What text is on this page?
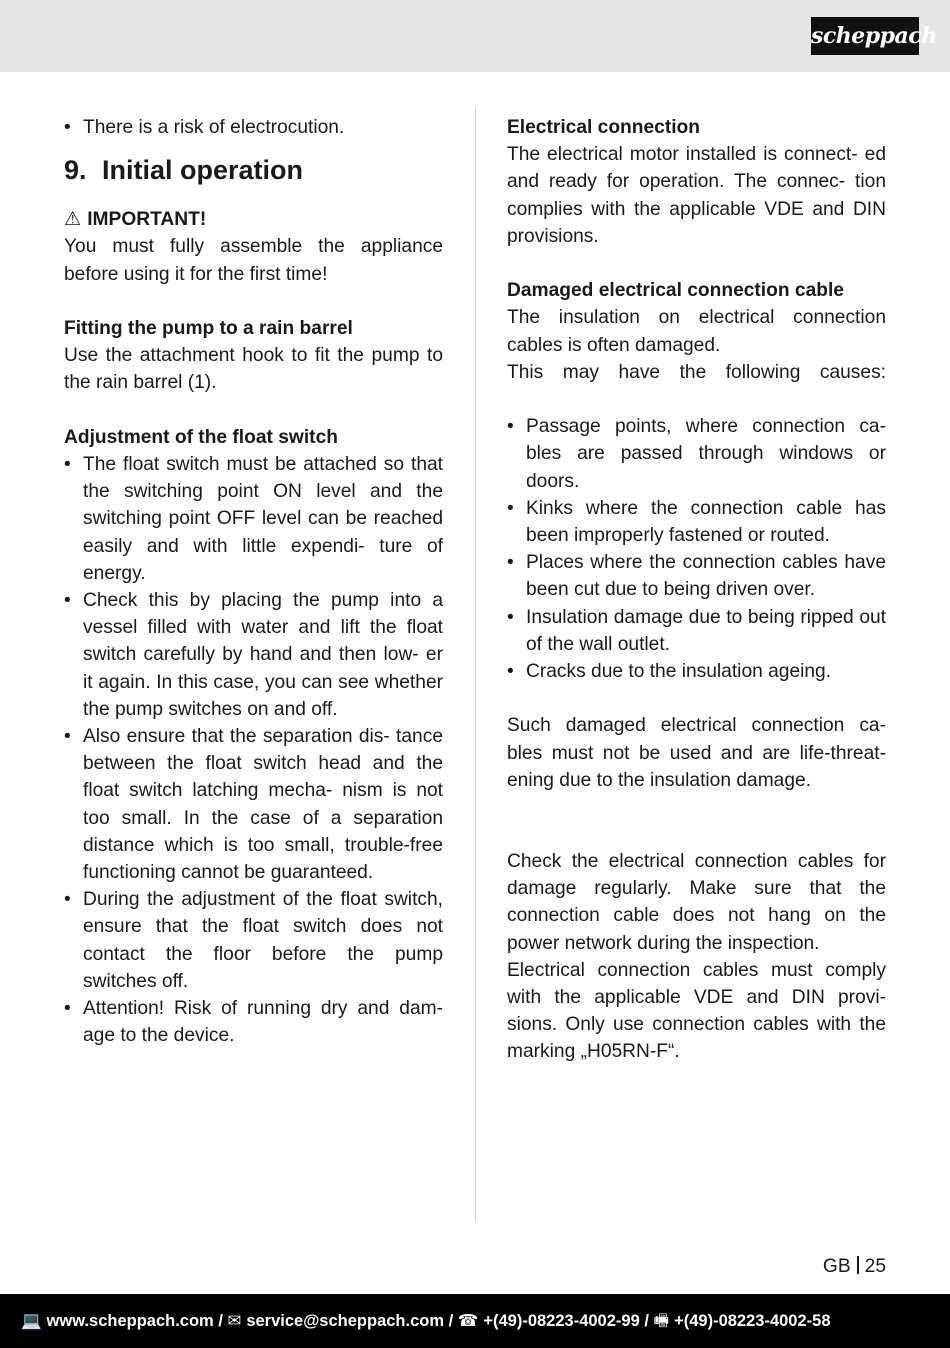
scheppach
• There is a risk of electrocution.
9. Initial operation

⚠ IMPORTANT!

You must fully assemble the appliance before using it for the first time!

Fitting the pump to a rain barrel

Use the attachment hook to fit the pump to the rain barrel (1).

Adjustment of the float switch

• The float switch must be attached so that the switching point ON level and the switching point OFF level can be reached easily and with little expendi- ture of energy.
• Check this by placing the pump into a vessel filled with water and lift the float switch carefully by hand and then low- er it again. In this case, you can see whether the pump switches on and off.
• Also ensure that the separation dis- tance between the float switch head and the float switch latching mecha- nism is not too small. In the case of a separation distance which is too small, trouble-free functioning cannot be guaranteed.
• During the adjustment of the float switch, ensure that the float switch does not contact the floor before the pump switches off.
• Attention! Risk of running dry and dam- age to the device.

Electrical connection

The electrical motor installed is connect- ed and ready for operation. The connec- tion complies with the applicable VDE and DIN provisions.

Damaged electrical connection cable

The insulation on electrical connection cables is often damaged.

This may have the following causes:

• Passage points, where connection ca- bles are passed through windows or doors.
• Kinks where the connection cable has been improperly fastened or routed.
• Places where the connection cables have been cut due to being driven over.
• Insulation damage due to being ripped out of the wall outlet.
• Cracks due to the insulation ageing.

Such damaged electrical connection ca- bles must not be used and are life-threat- ening due to the insulation damage.

Check the electrical connection cables for damage regularly. Make sure that the connection cable does not hang on the power network during the inspection.

Electrical connection cables must comply with the applicable VDE and DIN provi- sions. Only use connection cables with the marking „H05RN-F“.

GB 25
💻 www.scheppach.com / ✉ service@scheppach.com / ☎ +(49)-08223-4002-99 / 🖷 +(49)-08223-4002-58
